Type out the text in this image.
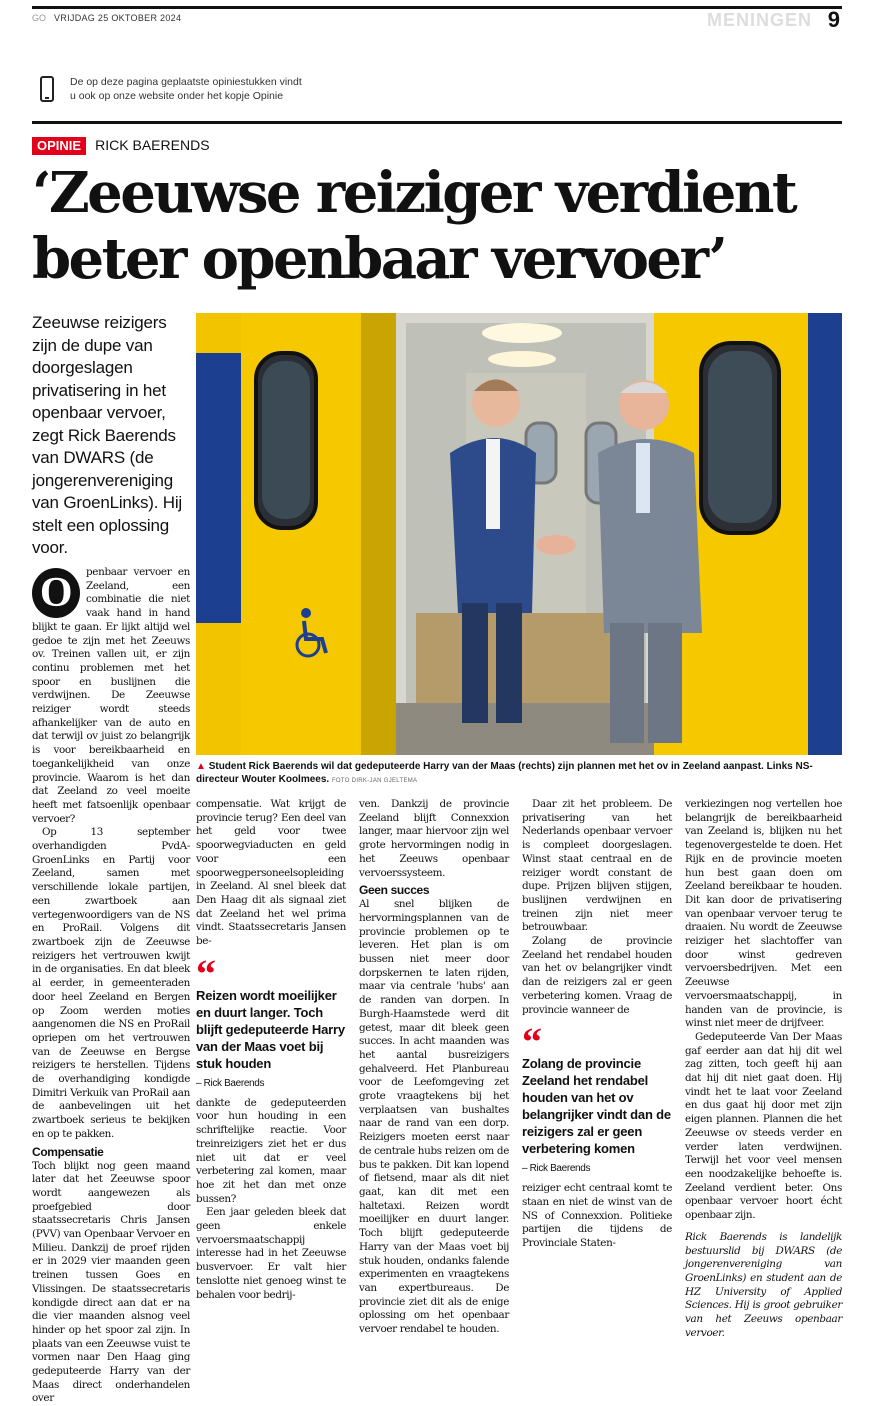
GO VRIJDAG 25 OKTOBER 2024	MENINGEN 9
De op deze pagina geplaatste opiniestukken vindt
u ook op onze website onder het kopje Opinie
OPINIE RICK BAERENDS
‘Zeeuwse reiziger verdient
beter openbaar vervoer’
Zeeuwse reizigers zijn de dupe van doorgeslagen privatisering in het openbaar vervoer, zegt Rick Baerends van DWARS (de jongerenvereniging van GroenLinks). Hij stelt een oplossing voor.
▲ Student Rick Baerends wil dat gedeputeerde Harry van der Maas (rechts) zijn plannen met het ov in Zeeland aanpast. Links NS-directeur Wouter Koolmees. FOTO DIRK-JAN GJELTEMA

O	penbaar vervoer en Zeeland, een combinatie die niet vaak hand in hand blijkt te gaan. Er lijkt altijd wel gedoe te zijn met het Zeeuws ov. Treinen vallen uit, er zijn continu problemen met het spoor en buslijnen die verdwijnen. De Zeeuwse reiziger wordt steeds afhankelijker van de auto en dat terwijl ov juist zo belangrijk is voor bereikbaarheid en toegankelijkheid van onze provincie. Waarom is het dan dat Zeeland zo veel moeite heeft met fatsoenlijk openbaar vervoer?

Op 13 september overhandigden PvdA-GroenLinks en Partij voor Zeeland, samen met verschillende lokale partijen, een zwartboek aan vertegenwoordigers van de NS en ProRail. Volgens dit zwartboek zijn de Zeeuwse reizigers het vertrouwen kwijt in de organisaties. En dat bleek al eerder, in gemeenteraden door heel Zeeland en Bergen op Zoom werden moties aangenomen die NS en ProRail opriepen om het vertrouwen van de Zeeuwse en Bergse reizigers te herstellen. Tijdens de overhandiging kondigde Dimitri Verkuik van ProRail aan de aanbevelingen uit het zwartboek serieus te bekijken en op te pakken.

Compensatie

Toch blijkt nog geen maand later dat het Zeeuwse spoor wordt aangewezen als proefgebied door staatssecretaris Chris Jansen (PVV) van Openbaar Vervoer en Milieu. Dankzij de proef rijden er in 2029 vier maanden geen treinen tussen Goes en Vlissingen. De staatssecretaris kondigde direct aan dat er na die vier maanden alsnog veel hinder op het spoor zal zijn. In plaats van een Zeeuwse vuist te vormen naar Den Haag ging gedeputeerde Harry van der Maas direct onderhandelen over

compensatie. Wat krijgt de provincie terug? Een deel van het geld voor twee spoorwegviaducten en geld voor een spoorwegpersoneelsopleiding in Zeeland. Al snel bleek dat Den Haag dit als signaal ziet dat Zeeland het wel prima vindt. Staatssecretaris Jansen be-

“
Reizen wordt moeilijker en duurt langer. Toch blijft gedeputeerde Harry van der Maas voet bij stuk houden
– Rick Baerends

dankte de gedeputeerden voor hun houding in een schriftelijke reactie. Voor treinreizigers ziet het er dus niet uit dat er veel verbetering zal komen, maar hoe zit het dan met onze bussen?

Een jaar geleden bleek dat geen enkele vervoersmaatschappij interesse had in het Zeeuwse busvervoer. Er valt hier tenslotte niet genoeg winst te behalen voor bedrij-

ven. Dankzij de provincie Zeeland blijft Connexxion langer, maar hiervoor zijn wel grote hervormingen nodig in het Zeeuws openbaar vervoerssysteem.

Geen succes

Al snel blijken de hervormingsplannen van de provincie problemen op te leveren. Het plan is om bussen niet meer door dorpskernen te laten rijden, maar via centrale 'hubs' aan de randen van dorpen. In Burgh-Haamstede werd dit getest, maar dit bleek geen succes. In acht maanden was het aantal busreizigers gehalveerd. Het Planbureau voor de Leefomgeving zet grote vraagtekens bij het verplaatsen van bushaltes naar de rand van een dorp. Reizigers moeten eerst naar de centrale hubs reizen om de bus te pakken. Dit kan lopend of fietsend, maar als dit niet gaat, kan dit met een haltetaxi. Reizen wordt moeilijker en duurt langer. Toch blijft gedeputeerde Harry van der Maas voet bij stuk houden, ondanks falende experimenten en vraagtekens van expertbureaus. De provincie ziet dit als de enige oplossing om het openbaar vervoer rendabel te houden.

Daar zit het probleem. De privatisering van het Nederlands openbaar vervoer is compleet doorgeslagen. Winst staat centraal en de reiziger wordt constant de dupe. Prijzen blijven stijgen, buslijnen verdwijnen en treinen zijn niet meer betrouwbaar.

Zolang de provincie Zeeland het rendabel houden van het ov belangrijker vindt dan de reizigers zal er geen verbetering komen. Vraag de provincie wanneer de

“
Zolang de provincie Zeeland het rendabel houden van het ov belangrijker vindt dan de reizigers zal er geen verbetering komen
– Rick Baerends

reiziger echt centraal komt te staan en niet de winst van de NS of Connexxion. Politieke partijen die tijdens de Provinciale Staten-

verkiezingen nog vertellen hoe belangrijk de bereikbaarheid van Zeeland is, blijken nu het tegenovergestelde te doen. Het Rijk en de provincie moeten hun best gaan doen om Zeeland bereikbaar te houden. Dit kan door de privatisering van openbaar vervoer terug te draaien. Nu wordt de Zeeuwse reiziger het slachtoffer van door winst gedreven vervoersbedrijven. Met een Zeeuwse vervoersmaatschappij, in handen van de provincie, is winst niet meer de drijfveer.

Gedeputeerde Van Der Maas gaf eerder aan dat hij dit wel zag zitten, toch geeft hij aan dat hij dit niet gaat doen. Hij vindt het te laat voor Zeeland en dus gaat hij door met zijn eigen plannen. Plannen die het Zeeuwse ov steeds verder en verder laten verdwijnen. Terwijl het voor veel mensen een noodzakelijke behoefte is. Zeeland verdient beter. Ons openbaar vervoer hoort écht openbaar zijn.

Rick Baerends is landelijk bestuurslid bij DWARS (de jongerenvereniging van GroenLinks) en student aan de HZ University of Applied Sciences. Hij is groot gebruiker van het Zeeuws openbaar vervoer.
